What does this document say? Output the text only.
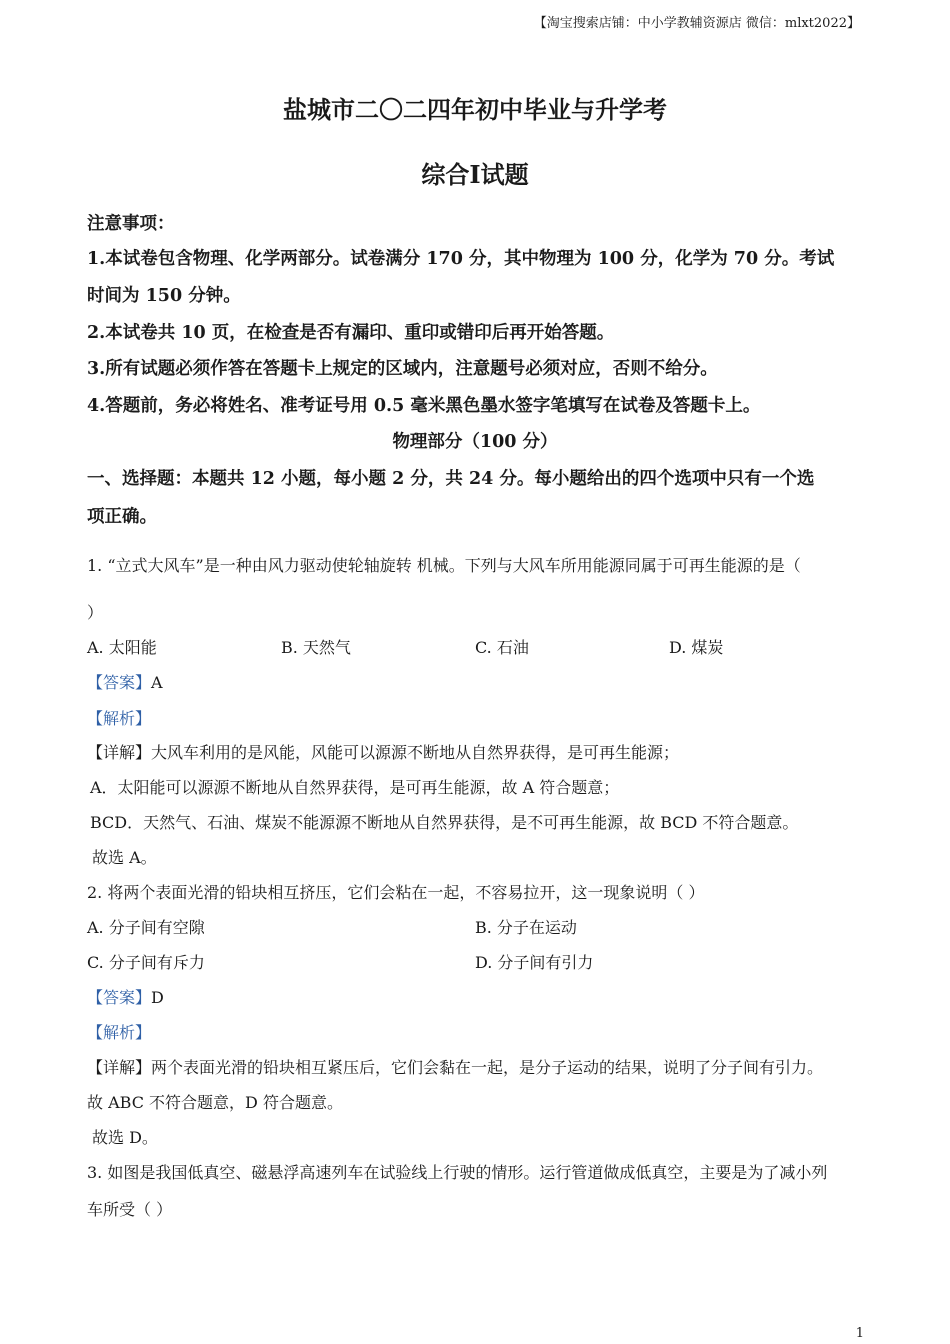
【淘宝搜索店铺：中小学教辅资源店 微信：mlxt2022】
盐城市二〇二四年初中毕业与升学考
综合Ⅰ试题
注意事项：
1.本试卷包含物理、化学两部分。试卷满分 170 分，其中物理为 100 分，化学为 70 分。考试
时间为 150 分钟。
2.本试卷共 10 页，在检查是否有漏印、重印或错印后再开始答题。
3.所有试题必须作答在答题卡上规定的区域内，注意题号必须对应，否则不给分。
4.答题前，务必将姓名、准考证号用 0.5 毫米黑色墨水签字笔填写在试卷及答题卡上。
物理部分（100 分）
一、选择题：本题共 12 小题，每小题 2 分，共 24 分。每小题给出的四个选项中只有一个选
项正确。
1. “立式大风车”是一种由风力驱动使轮轴旋转 机械。下列与大风车所用能源同属于可再生能源的是（
）
A. 太阳能	B. 天然气	C. 石油	D. 煤炭
【答案】A
【解析】
【详解】大风车利用的是风能，风能可以源源不断地从自然界获得，是可再生能源；
A．太阳能可以源源不断地从自然界获得，是可再生能源，故 A 符合题意；
BCD．天然气、石油、煤炭不能源源不断地从自然界获得，是不可再生能源，故 BCD 不符合题意。
故选 A。
2. 将两个表面光滑的铅块相互挤压，它们会粘在一起，不容易拉开，这一现象说明（ ）
A. 分子间有空隙	B. 分子在运动
C. 分子间有斥力	D. 分子间有引力
【答案】D
【解析】
【详解】两个表面光滑的铅块相互紧压后，它们会黏在一起，是分子运动的结果，说明了分子间有引力。
故 ABC 不符合题意，D 符合题意。
故选 D。
3. 如图是我国低真空、磁悬浮高速列车在试验线上行驶的情形。运行管道做成低真空，主要是为了减小列
车所受（ ）
1
